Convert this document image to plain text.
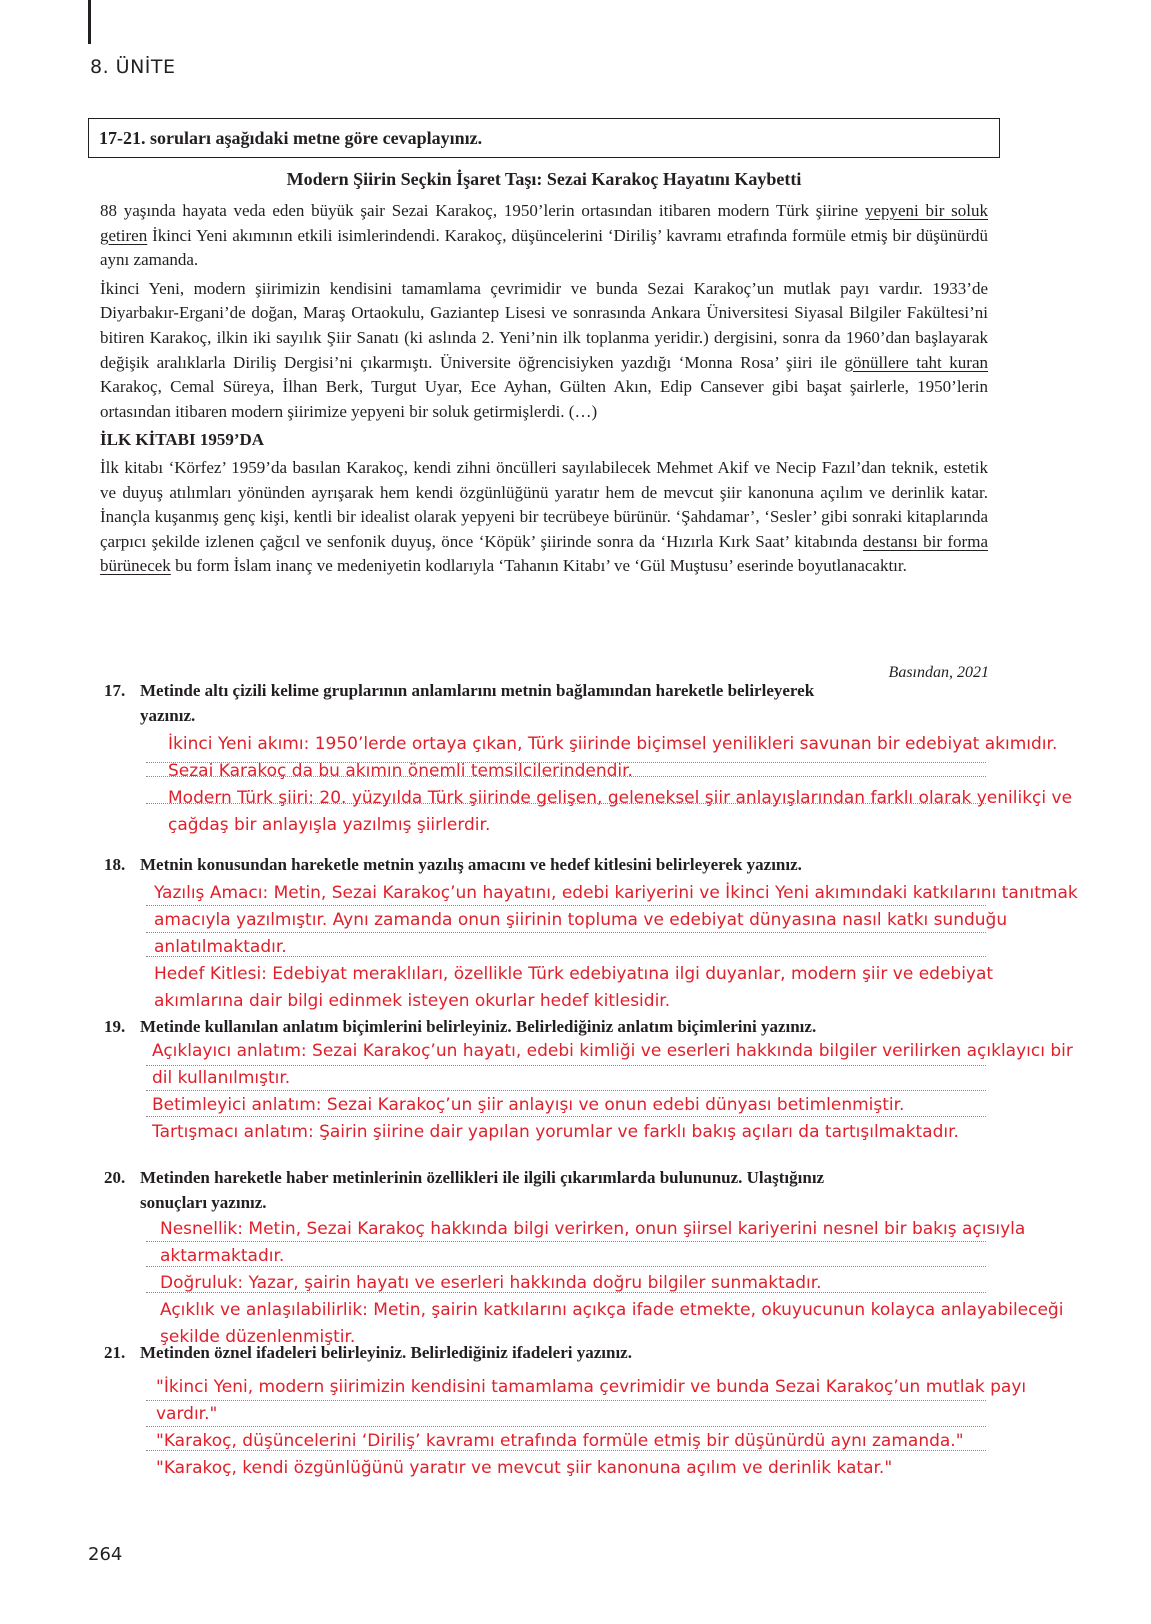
8. ÜNİTE
17-21. soruları aşağıdaki metne göre cevaplayınız.
Modern Şiirin Seçkin İşaret Taşı: Sezai Karakoç Hayatını Kaybetti

88 yaşında hayata veda eden büyük şair Sezai Karakoç, 1950’lerin ortasından itibaren modern Türk şiirine yepyeni bir soluk getiren İkinci Yeni akımının etkili isimlerindendi. Karakoç, düşüncelerini ‘Diriliş’ kavramı etrafında formüle etmiş bir düşünürdü aynı zamanda.

İkinci Yeni, modern şiirimizin kendisini tamamlama çevrimidir ve bunda Sezai Karakoç’un mutlak payı vardır. 1933’de Diyarbakır-Ergani’de doğan, Maraş Ortaokulu, Gaziantep Lisesi ve sonrasında Ankara Üniversitesi Siyasal Bilgiler Fakültesi’ni bitiren Karakoç, ilkin iki sayılık Şiir Sanatı (ki aslında 2. Yeni’nin ilk toplanma yeridir.) dergisini, sonra da 1960’dan başlayarak değişik aralıklarla Diriliş Dergisi’ni çıkarmıştı. Üniversite öğrencisiyken yazdığı ‘Monna Rosa’ şiiri ile gönüllere taht kuran Karakoç, Cemal Süreya, İlhan Berk, Turgut Uyar, Ece Ayhan, Gülten Akın, Edip Cansever gibi başat şairlerle, 1950’lerin ortasından itibaren modern şiirimize yepyeni bir soluk getirmişlerdi. (…)

İLK KİTABI 1959’DA

İlk kitabı ‘Körfez’ 1959’da basılan Karakoç, kendi zihni öncülleri sayılabilecek Mehmet Akif ve Necip Fazıl’dan teknik, estetik ve duyuş atılımları yönünden ayrışarak hem kendi özgünlüğünü yaratır hem de mevcut şiir kanonuna açılım ve derinlik katar. İnançla kuşanmış genç kişi, kentli bir idealist olarak yepyeni bir tecrübeye bürünür. ‘Şahdamar’, ‘Sesler’ gibi sonraki kitaplarında çarpıcı şekilde izlenen çağcıl ve senfonik duyuş, önce ‘Köpük’ şiirinde sonra da ‘Hızırla Kırk Saat’ kitabında destansı bir forma bürünecek bu form İslam inanç ve medeniyetin kodlarıyla ‘Tahanın Kitabı’ ve ‘Gül Muştusu’ eserinde boyutlanacaktır.

Basından, 2021
17. Metinde altı çizili kelime gruplarının anlamlarını metnin bağlamından hareketle belirleyerek
yazınız.
İkinci Yeni akımı: 1950’lerde ortaya çıkan, Türk şiirinde biçimsel yenilikleri savunan bir edebiyat akımıdır.
Sezai Karakoç da bu akımın önemli temsilcilerindendir.
Modern Türk şiiri: 20. yüzyılda Türk şiirinde gelişen, geleneksel şiir anlayışlarından farklı olarak yenilikçi ve
çağdaş bir anlayışla yazılmış şiirlerdir.
18. Metnin konusundan hareketle metnin yazılış amacını ve hedef kitlesini belirleyerek yazınız.
Yazılış Amacı: Metin, Sezai Karakoç’un hayatını, edebi kariyerini ve İkinci Yeni akımındaki katkılarını tanıtmak
amacıyla yazılmıştır. Aynı zamanda onun şiirinin topluma ve edebiyat dünyasına nasıl katkı sunduğu
anlatılmaktadır.
Hedef Kitlesi: Edebiyat meraklıları, özellikle Türk edebiyatına ilgi duyanlar, modern şiir ve edebiyat
akımlarına dair bilgi edinmek isteyen okurlar hedef kitlesidir.
19. Metinde kullanılan anlatım biçimlerini belirleyiniz. Belirlediğiniz anlatım biçimlerini yazınız.
Açıklayıcı anlatım: Sezai Karakoç’un hayatı, edebi kimliği ve eserleri hakkında bilgiler verilirken açıklayıcı bir
dil kullanılmıştır.
Betimleyici anlatım: Sezai Karakoç’un şiir anlayışı ve onun edebi dünyası betimlenmiştir.
Tartışmacı anlatım: Şairin şiirine dair yapılan yorumlar ve farklı bakış açıları da tartışılmaktadır.
20. Metinden hareketle haber metinlerinin özellikleri ile ilgili çıkarımlarda bulununuz. Ulaştığınız
sonuçları yazınız.
Nesnellik: Metin, Sezai Karakoç hakkında bilgi verirken, onun şiirsel kariyerini nesnel bir bakış açısıyla
aktarmaktadır.
Doğruluk: Yazar, şairin hayatı ve eserleri hakkında doğru bilgiler sunmaktadır.
Açıklık ve anlaşılabilirlik: Metin, şairin katkılarını açıkça ifade etmekte, okuyucunun kolayca anlayabileceği
şekilde düzenlenmiştir.
21. Metinden öznel ifadeleri belirleyiniz. Belirlediğiniz ifadeleri yazınız.
"İkinci Yeni, modern şiirimizin kendisini tamamlama çevrimidir ve bunda Sezai Karakoç’un mutlak payı
vardır."
"Karakoç, düşüncelerini ‘Diriliş’ kavramı etrafında formüle etmiş bir düşünürdü aynı zamanda."
"Karakoç, kendi özgünlüğünü yaratır ve mevcut şiir kanonuna açılım ve derinlik katar."
264
